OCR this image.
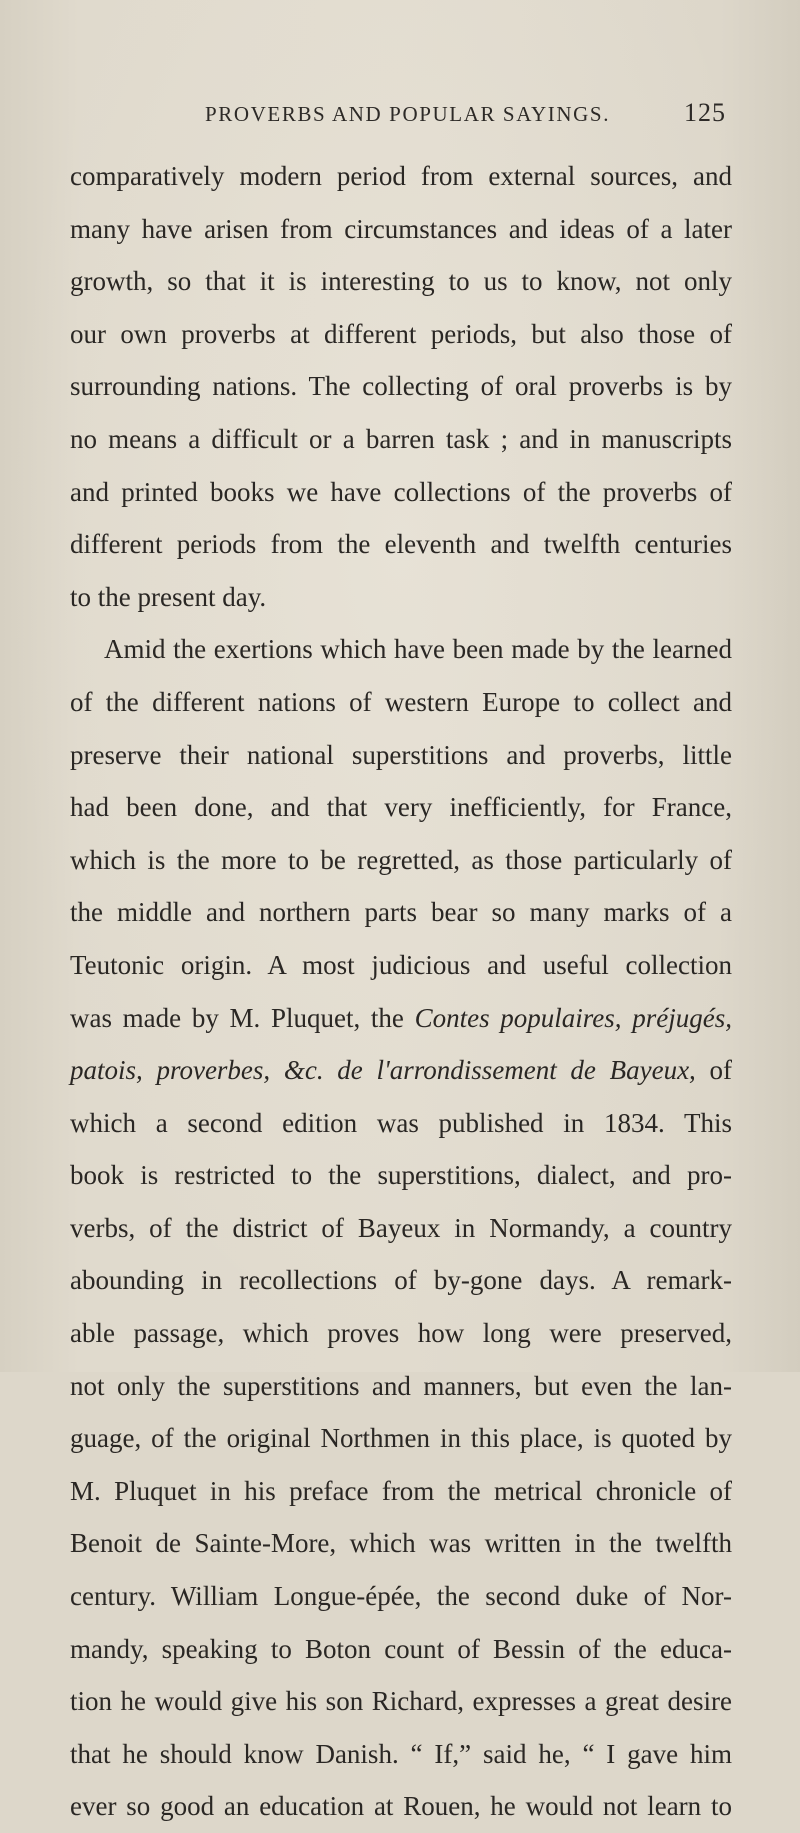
PROVERBS AND POPULAR SAYINGS.	125
comparatively modern period from external sources, and
many have arisen from circumstances and ideas of a later
growth, so that it is interesting to us to know, not only
our own proverbs at different periods, but also those of
surrounding nations. The collecting of oral proverbs is by
no means a difficult or a barren task ; and in manuscripts
and printed books we have collections of the proverbs of
different periods from the eleventh and twelfth centuries
to the present day.
Amid the exertions which have been made by the learned
of the different nations of western Europe to collect and
preserve their national superstitions and proverbs, little
had been done, and that very inefficiently, for France,
which is the more to be regretted, as those particularly of
the middle and northern parts bear so many marks of a
Teutonic origin. A most judicious and useful collection
was made by M. Pluquet, the Contes populaires, préjugés,
patois, proverbes, &c. de l'arrondissement de Bayeux, of
which a second edition was published in 1834. This
book is restricted to the superstitions, dialect, and pro-
verbs, of the district of Bayeux in Normandy, a country
abounding in recollections of by-gone days. A remark-
able passage, which proves how long were preserved,
not only the superstitions and manners, but even the lan-
guage, of the original Northmen in this place, is quoted by
M. Pluquet in his preface from the metrical chronicle of
Benoit de Sainte-More, which was written in the twelfth
century. William Longue-épée, the second duke of Nor-
mandy, speaking to Boton count of Bessin of the educa-
tion he would give his son Richard, expresses a great desire
that he should know Danish. “ If,” said he, “ I gave him
ever so good an education at Rouen, he would not learn to
